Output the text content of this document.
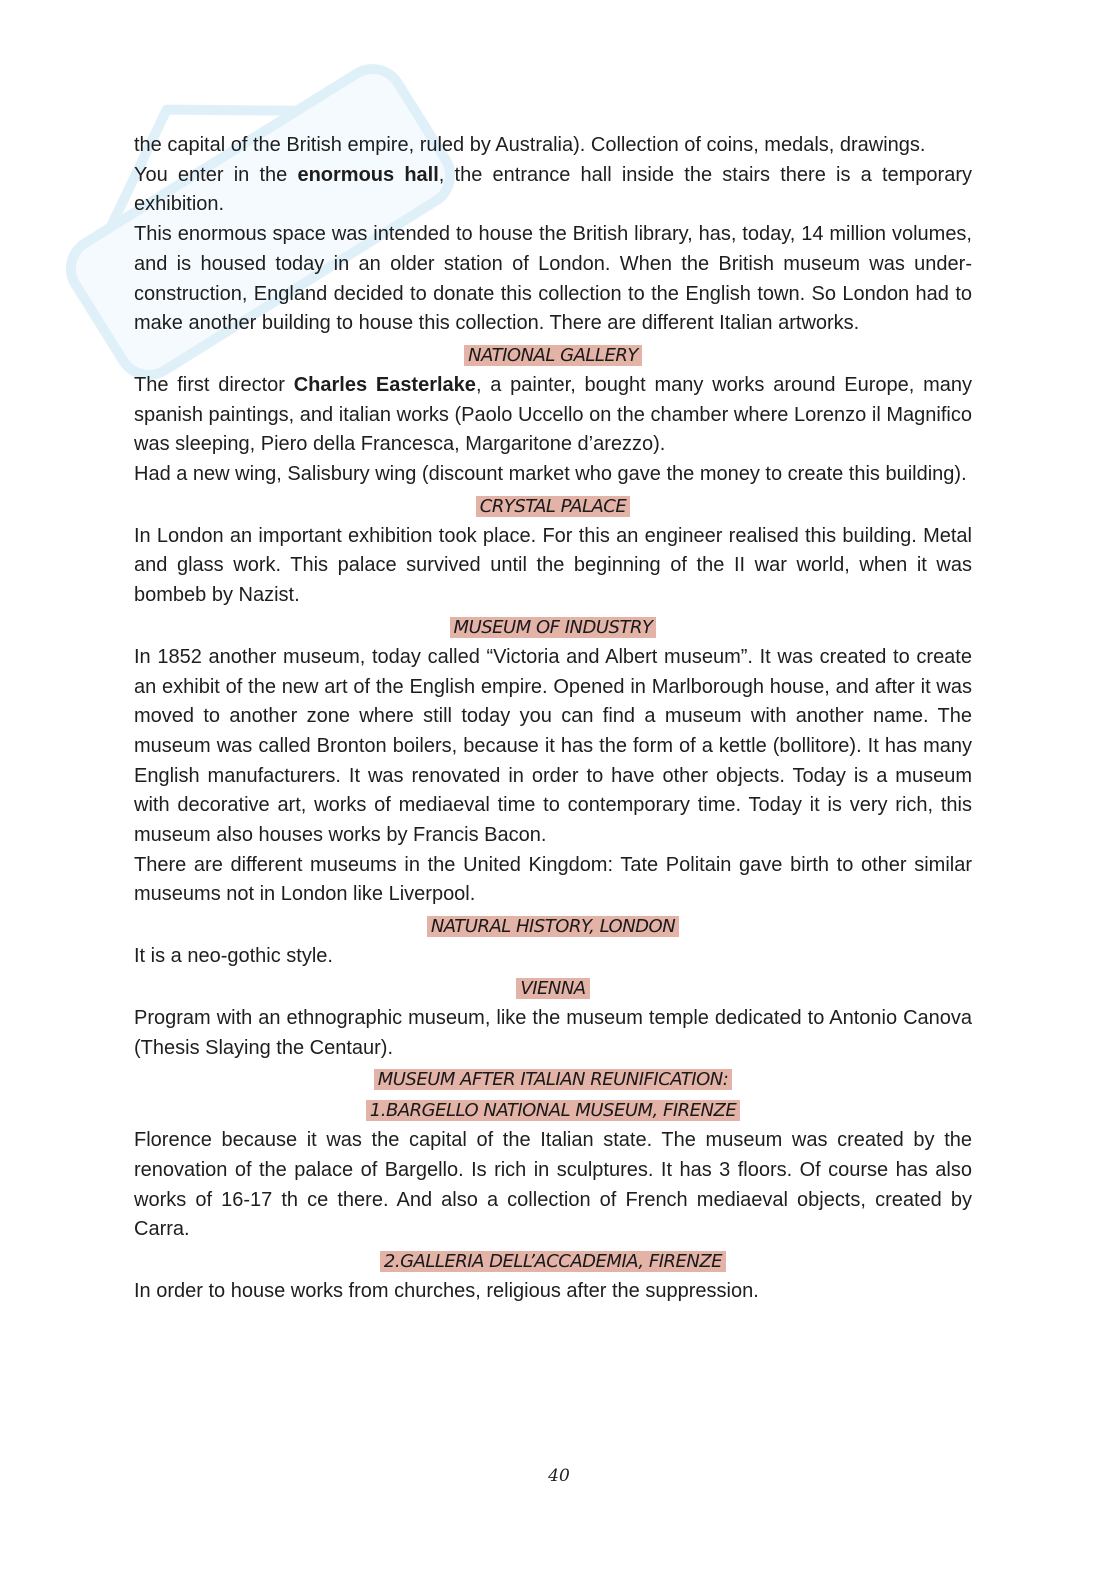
the capital of the British empire, ruled by Australia). Collection of coins, medals, drawings.

You enter in the enormous hall, the entrance hall inside the stairs there is a temporary exhibition.

This enormous space was intended to house the British library, has, today, 14 million volumes, and is housed today in an older station of London. When the British museum was under-construction, England decided to donate this collection to the English town. So London had to make another building to house this collection. There are different Italian artworks.

NATIONAL GALLERY

The first director Charles Easterlake, a painter, bought many works around Europe, many spanish paintings, and italian works (Paolo Uccello on the chamber where Lorenzo il Magnifico was sleeping, Piero della Francesca, Margaritone d’arezzo).

Had a new wing, Salisbury wing (discount market who gave the money to create this building).

CRYSTAL PALACE

In London an important exhibition took place. For this an engineer realised this building. Metal and glass work. This palace survived until the beginning of the II war world, when it was bombeb by Nazist.

MUSEUM OF INDUSTRY

In 1852 another museum, today called “Victoria and Albert museum”. It was created to create an exhibit of the new art of the English empire. Opened in Marlborough house, and after it was moved to another zone where still today you can find a museum with another name. The museum was called Bronton boilers, because it has the form of a kettle (bollitore). It has many English manufacturers. It was renovated in order to have other objects. Today is a museum with decorative art, works of mediaeval time to contemporary time. Today it is very rich, this museum also houses works by Francis Bacon.

There are different museums in the United Kingdom: Tate Politain gave birth to other similar museums not in London like Liverpool.

NATURAL HISTORY, LONDON

It is a neo-gothic style.

VIENNA

Program with an ethnographic museum, like the museum temple dedicated to Antonio Canova (Thesis Slaying the Centaur).

MUSEUM AFTER ITALIAN REUNIFICATION:
1.BARGELLO NATIONAL MUSEUM, FIRENZE

Florence because it was the capital of the Italian state. The museum was created by the renovation of the palace of Bargello. Is rich in sculptures. It has 3 floors. Of course has also works of 16-17 th ce there. And also a collection of French mediaeval objects, created by Carra.

2.GALLERIA DELL’ACCADEMIA, FIRENZE

In order to house works from churches, religious after the suppression.

40
